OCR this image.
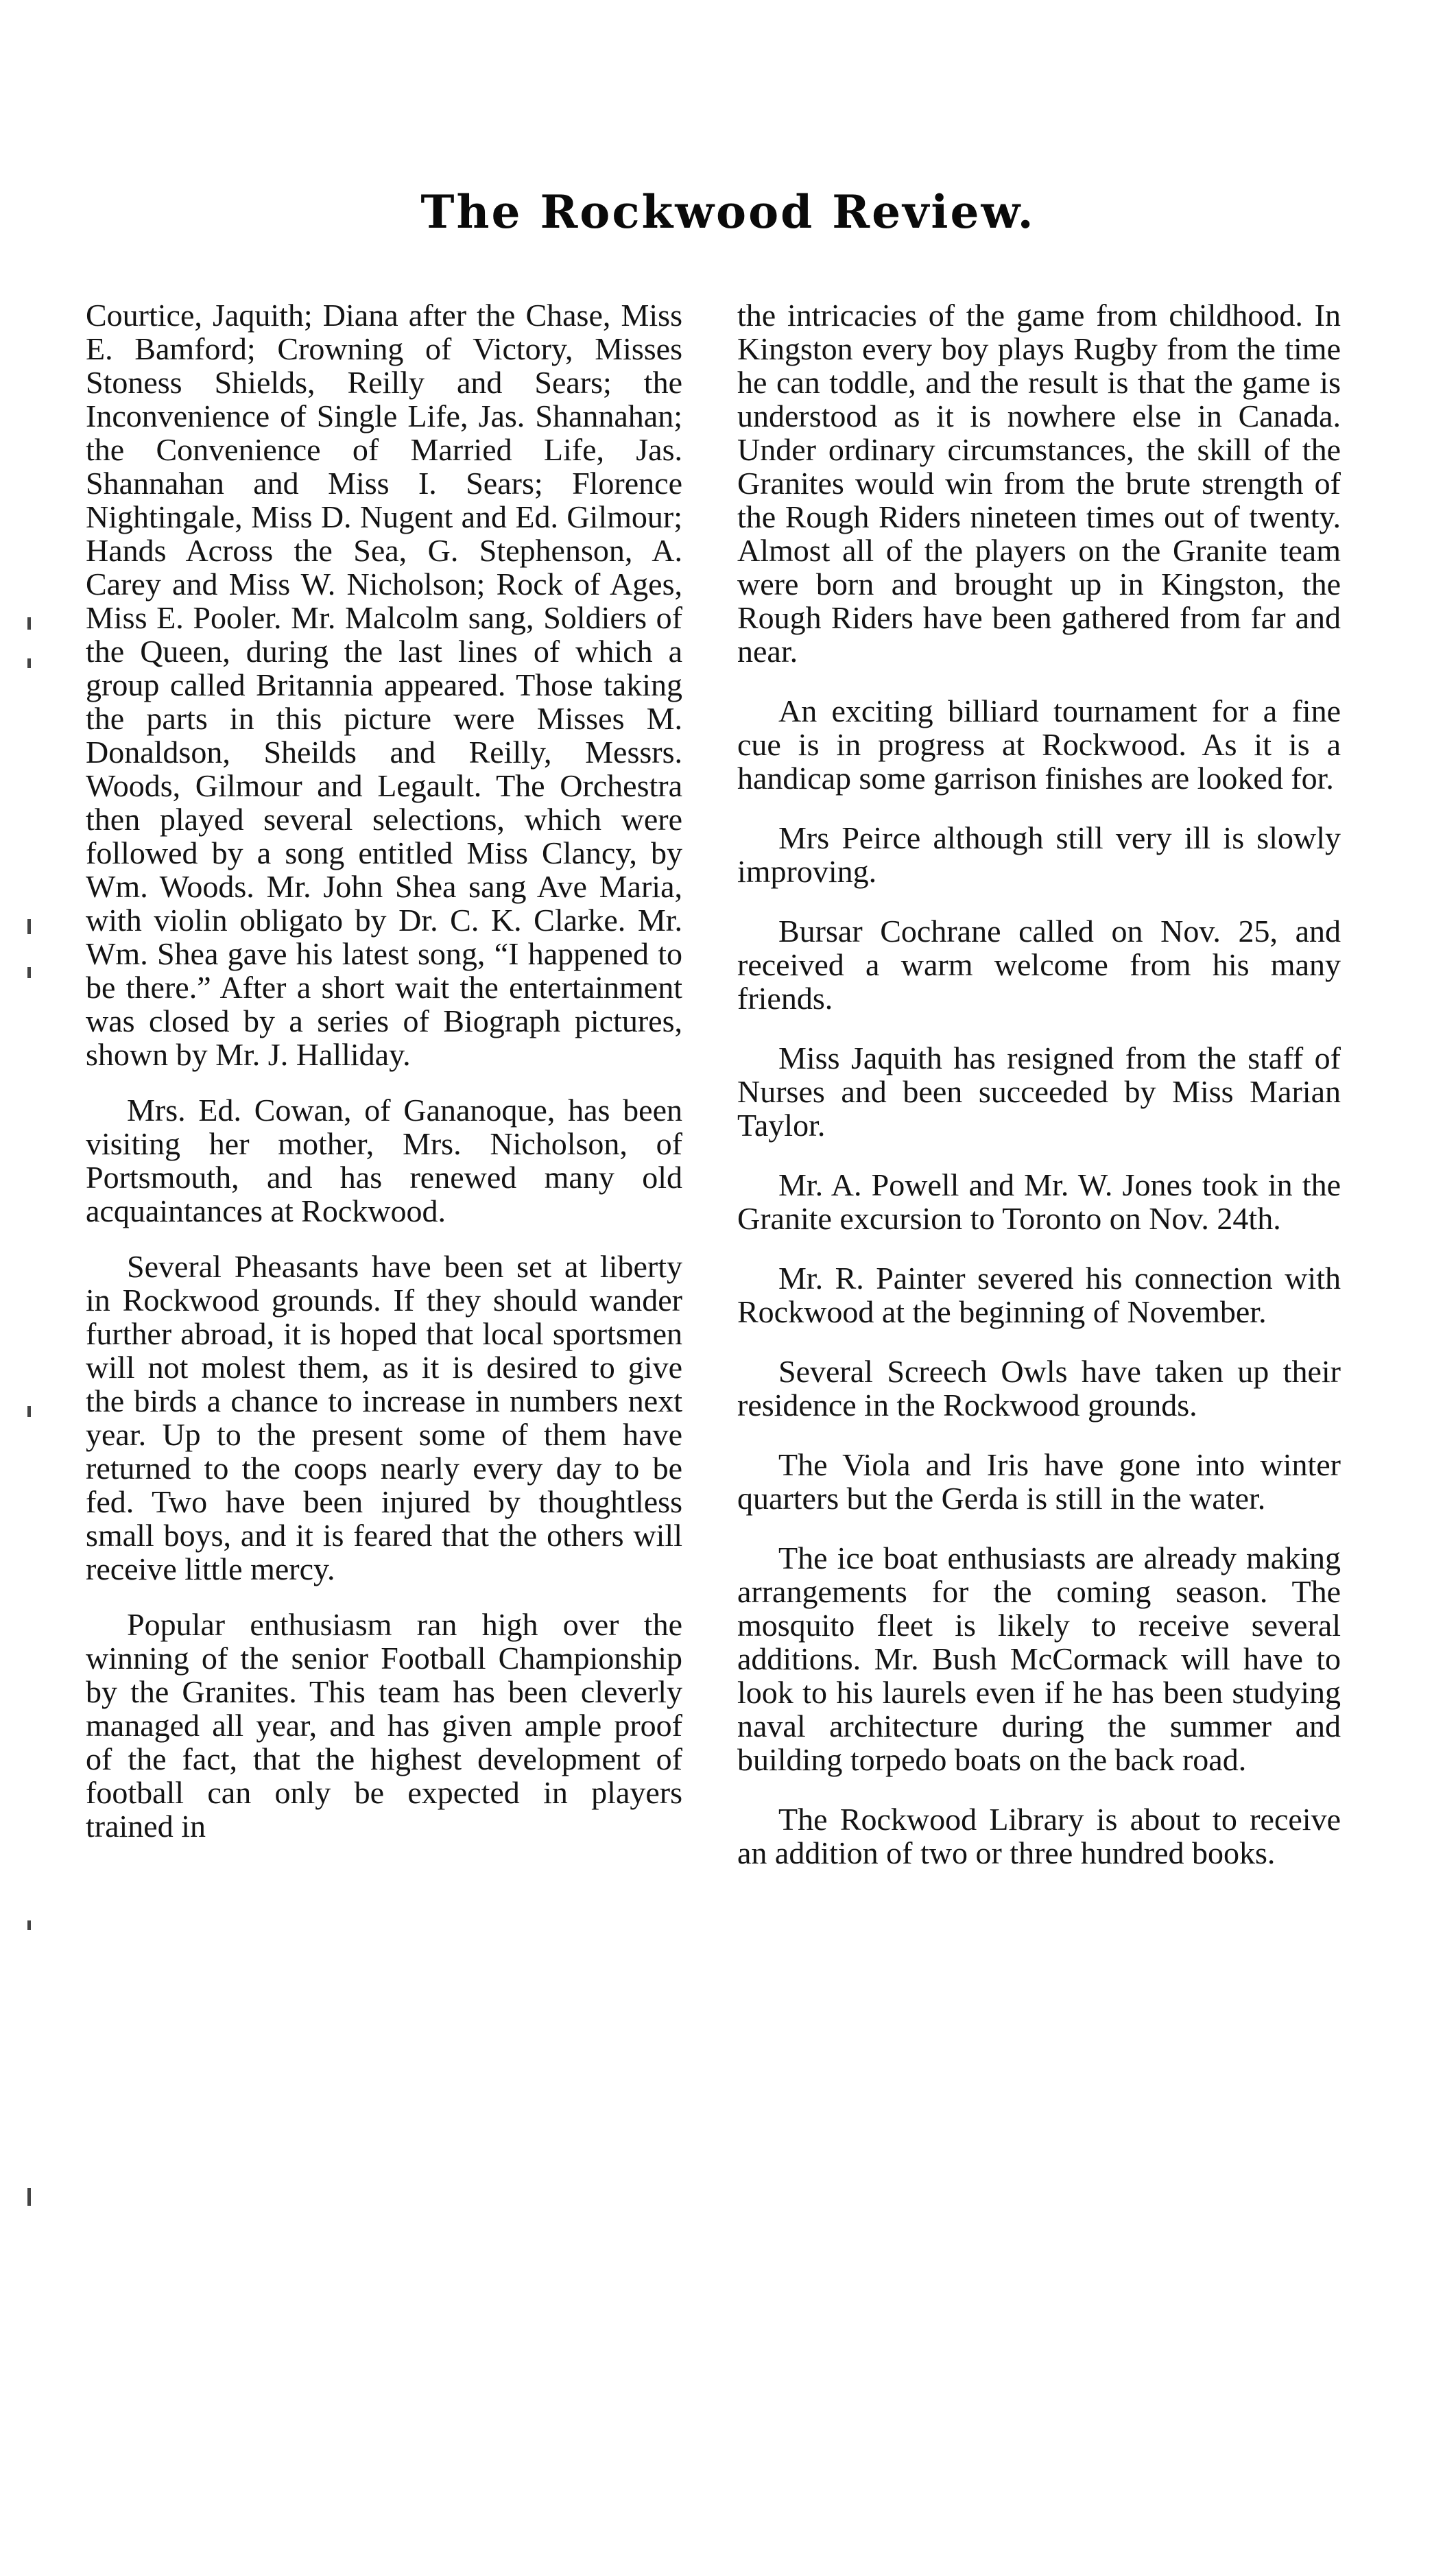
The Rockwood Review.

Courtice, Jaquith; Diana after the Chase, Miss E. Bamford; Crowning of Victory, Misses Stoness Shields, Reilly and Sears; the Inconvenience of Single Life, Jas. Shannahan; the Convenience of Married Life, Jas. Shannahan and Miss I. Sears; Florence Nightingale, Miss D. Nugent and Ed. Gilmour; Hands Across the Sea, G. Stephenson, A. Carey and Miss W. Nicholson; Rock of Ages, Miss E. Pooler. Mr. Malcolm sang, Soldiers of the Queen, during the last lines of which a group called Britannia appeared. Those taking the parts in this picture were Misses M. Donaldson, Sheilds and Reilly, Messrs. Woods, Gilmour and Legault. The Orchestra then played several selections, which were followed by a song entitled Miss Clancy, by Wm. Woods. Mr. John Shea sang Ave Maria, with violin obligato by Dr. C. K. Clarke. Mr. Wm. Shea gave his latest song, “I happened to be there.” After a short wait the entertainment was closed by a series of Biograph pictures, shown by Mr. J. Halliday.

Mrs. Ed. Cowan, of Gananoque, has been visiting her mother, Mrs. Nicholson, of Portsmouth, and has renewed many old acquaintances at Rockwood.

Several Pheasants have been set at liberty in Rockwood grounds. If they should wander further abroad, it is hoped that local sportsmen will not molest them, as it is desired to give the birds a chance to increase in numbers next year. Up to the present some of them have returned to the coops nearly every day to be fed. Two have been injured by thoughtless small boys, and it is feared that the others will receive little mercy.

Popular enthusiasm ran high over the winning of the senior Football Championship by the Granites. This team has been cleverly managed all year, and has given ample proof of the fact, that the highest development of football can only be expected in players trained in

the intricacies of the game from childhood. In Kingston every boy plays Rugby from the time he can toddle, and the result is that the game is understood as it is nowhere else in Canada. Under ordinary circumstances, the skill of the Granites would win from the brute strength of the Rough Riders nineteen times out of twenty. Almost all of the players on the Granite team were born and brought up in Kingston, the Rough Riders have been gathered from far and near.

An exciting billiard tournament for a fine cue is in progress at Rockwood. As it is a handicap some garrison finishes are looked for.

Mrs Peirce although still very ill is slowly improving.

Bursar Cochrane called on Nov. 25, and received a warm welcome from his many friends.

Miss Jaquith has resigned from the staff of Nurses and been succeeded by Miss Marian Taylor.

Mr. A. Powell and Mr. W. Jones took in the Granite excursion to Toronto on Nov. 24th.

Mr. R. Painter severed his connection with Rockwood at the beginning of November.

Several Screech Owls have taken up their residence in the Rockwood grounds.

The Viola and Iris have gone into winter quarters but the Gerda is still in the water.

The ice boat enthusiasts are already making arrangements for the coming season. The mosquito fleet is likely to receive several additions. Mr. Bush McCormack will have to look to his laurels even if he has been studying naval architecture during the summer and building torpedo boats on the back road.

The Rockwood Library is about to receive an addition of two or three hundred books.
